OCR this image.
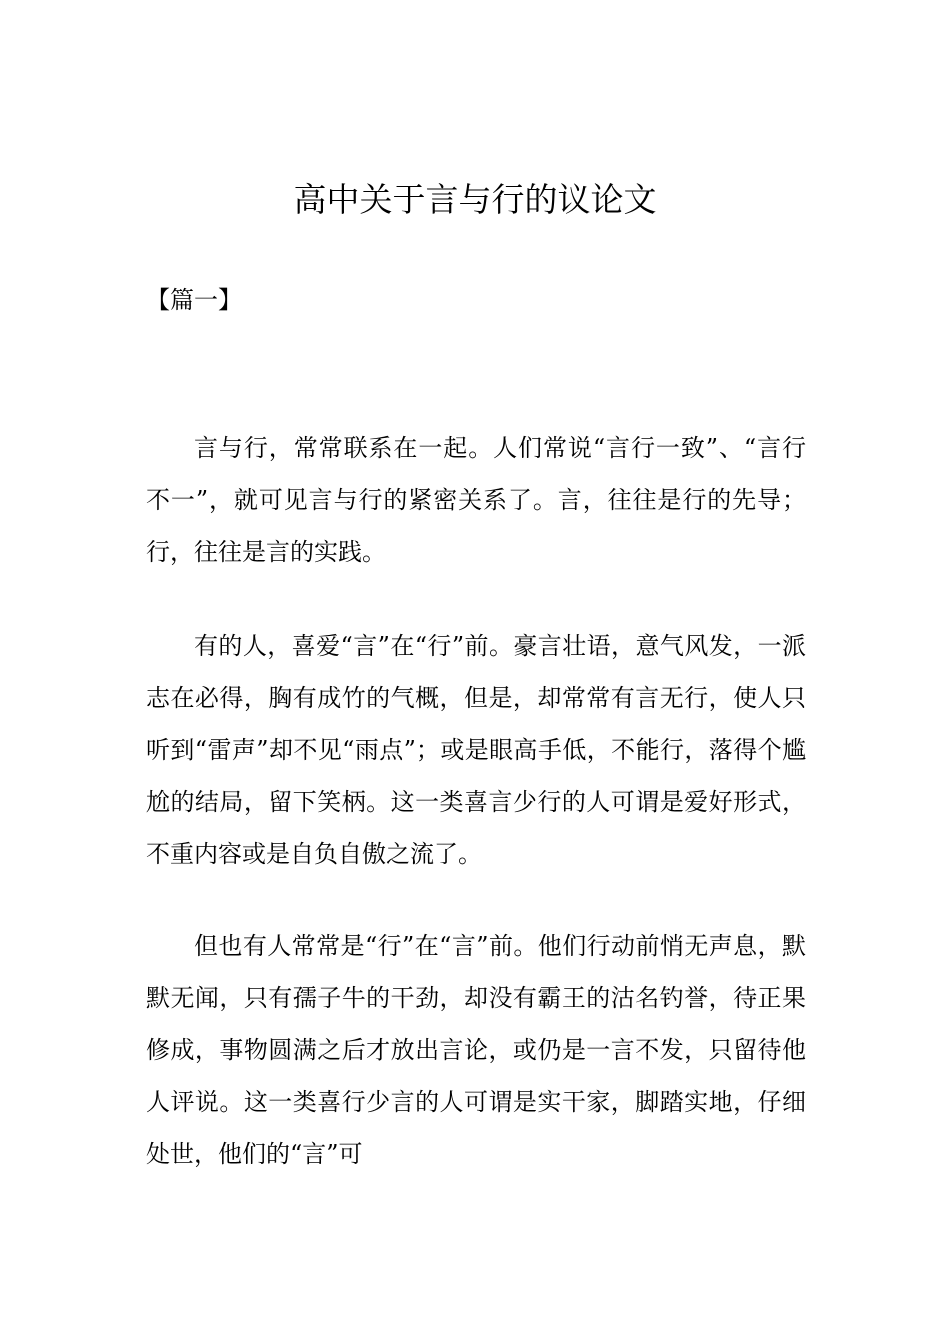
高中关于言与行的议论文

【篇一】

言与行，常常联系在一起。人们常说“言行一致”、“言行不一”，就可见言与行的紧密关系了。言，往往是行的先导；行，往往是言的实践。

有的人，喜爱“言”在“行”前。豪言壮语，意气风发，一派志在必得，胸有成竹的气概，但是，却常常有言无行，使人只听到“雷声”却不见“雨点”；或是眼高手低，不能行，落得个尴尬的结局，留下笑柄。这一类喜言少行的人可谓是爱好形式，不重内容或是自负自傲之流了。

但也有人常常是“行”在“言”前。他们行动前悄无声息，默默无闻，只有孺子牛的干劲，却没有霸王的沽名钓誉，待正果修成，事物圆满之后才放出言论，或仍是一言不发，只留待他人评说。这一类喜行少言的人可谓是实干家，脚踏实地，仔细处世，他们的“言”可
